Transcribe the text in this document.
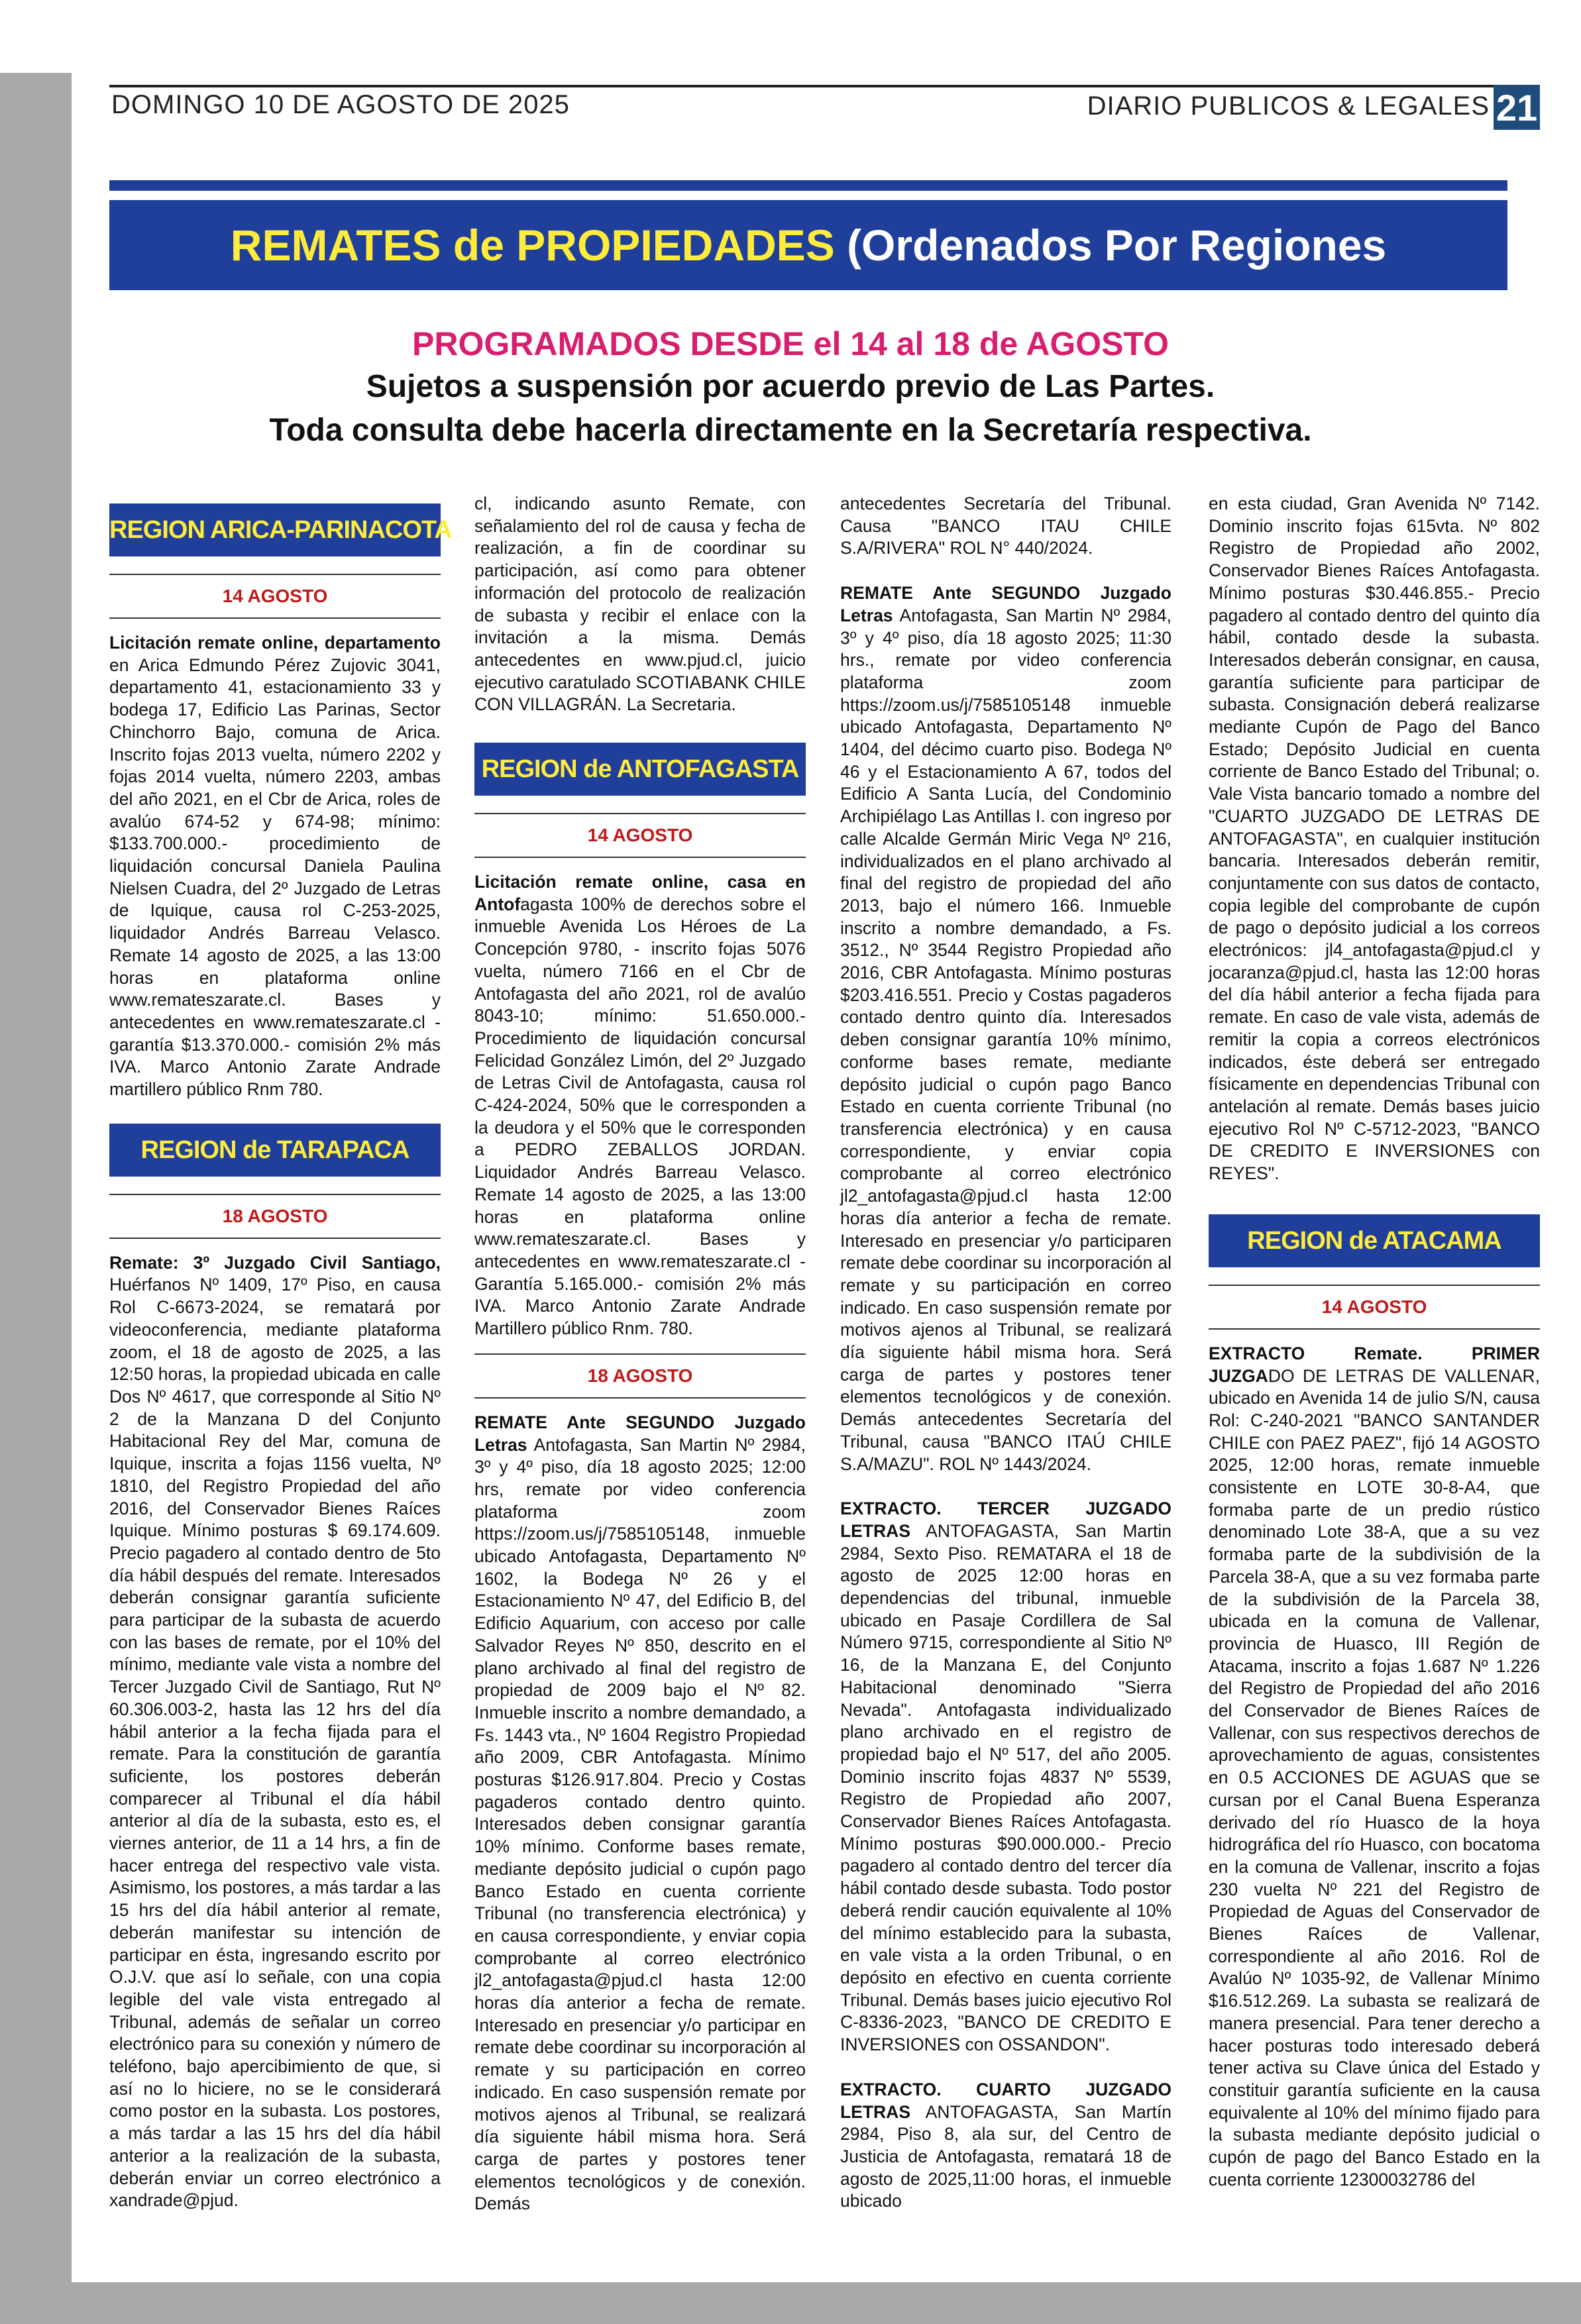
DOMINGO 10 DE AGOSTO DE 2025	DIARIO PUBLICOS & LEGALES 21
REMATES de PROPIEDADES (Ordenados Por Regiones
PROGRAMADOS DESDE el 14 al 18 de AGOSTO
Sujetos a suspensión por acuerdo previo de Las Partes.
Toda consulta debe hacerla directamente en la Secretaría respectiva.
REGION ARICA-PARINACOTA
14 AGOSTO

Licitación remate online, departamento en Arica Edmundo Pérez Zujovic 3041, departamento 41, estacionamiento 33 y bodega 17, Edificio Las Parinas, Sector Chinchorro Bajo, comuna de Arica. Inscrito fojas 2013 vuelta, número 2202 y fojas 2014 vuelta, número 2203, ambas del año 2021, en el Cbr de Arica, roles de avalúo 674-52 y 674-98; mínimo: $133.700.000.- procedimiento de liquidación concursal Daniela Paulina Nielsen Cuadra, del 2º Juzgado de Letras de Iquique, causa rol C-253-2025, liquidador Andrés Barreau Velasco. Remate 14 agosto de 2025, a las 13:00 horas en plataforma online www.remateszarate.cl. Bases y antecedentes en www.remateszarate.cl - garantía $13.370.000.- comisión 2% más IVA. Marco Antonio Zarate Andrade martillero público Rnm 780.

REGION de TARAPACA
18 AGOSTO

Remate: 3º Juzgado Civil Santiago, Huérfanos Nº 1409, 17º Piso, en causa Rol C-6673-2024, se rematará por videoconferencia, mediante plataforma zoom, el 18 de agosto de 2025, a las 12:50 horas, la propiedad ubicada en calle Dos Nº 4617, que corresponde al Sitio Nº 2 de la Manzana D del Conjunto Habitacional Rey del Mar, comuna de Iquique, inscrita a fojas 1156 vuelta, Nº 1810, del Registro Propiedad del año 2016, del Conservador Bienes Raíces Iquique. Mínimo posturas $ 69.174.609. Precio pagadero al contado dentro de 5to día hábil después del remate. Interesados deberán consignar garantía suficiente para participar de la subasta de acuerdo con las bases de remate, por el 10% del mínimo, mediante vale vista a nombre del Tercer Juzgado Civil de Santiago, Rut Nº 60.306.003-2, hasta las 12 hrs del día hábil anterior a la fecha fijada para el remate. Para la constitución de garantía suficiente, los postores deberán comparecer al Tribunal el día hábil anterior al día de la subasta, esto es, el viernes anterior, de 11 a 14 hrs, a fin de hacer entrega del respectivo vale vista. Asimismo, los postores, a más tardar a las 15 hrs del día hábil anterior al remate, deberán manifestar su intención de participar en ésta, ingresando escrito por O.J.V. que así lo señale, con una copia legible del vale vista entregado al Tribunal, además de señalar un correo electrónico para su conexión y número de teléfono, bajo apercibimiento de que, si así no lo hiciere, no se le considerará como postor en la subasta. Los postores, a más tardar a las 15 hrs del día hábil anterior a la realización de la subasta, deberán enviar un correo electrónico a xandrade@pjud.

cl, indicando asunto Remate, con señalamiento del rol de causa y fecha de realización, a fin de coordinar su participación, así como para obtener información del protocolo de realización de subasta y recibir el enlace con la invitación a la misma. Demás antecedentes en www.pjud.cl, juicio ejecutivo caratulado SCOTIABANK CHILE CON VILLAGRÁN. La Secretaria.

REGION de ANTOFAGASTA
14 AGOSTO

Licitación remate online, casa en Antofagasta 100% de derechos sobre el inmueble Avenida Los Héroes de La Concepción 9780, - inscrito fojas 5076 vuelta, número 7166 en el Cbr de Antofagasta del año 2021, rol de avalúo 8043-10; mínimo: 51.650.000.- Procedimiento de liquidación concursal Felicidad González Limón, del 2º Juzgado de Letras Civil de Antofagasta, causa rol C-424-2024, 50% que le corresponden a la deudora y el 50% que le corresponden a PEDRO ZEBALLOS JORDAN. Liquidador Andrés Barreau Velasco. Remate 14 agosto de 2025, a las 13:00 horas en plataforma online www.remateszarate.cl. Bases y antecedentes en www.remateszarate.cl - Garantía 5.165.000.- comisión 2% más IVA. Marco Antonio Zarate Andrade Martillero público Rnm. 780.

18 AGOSTO

REMATE Ante SEGUNDO Juzgado Letras Antofagasta, San Martin Nº 2984, 3º y 4º piso, día 18 agosto 2025; 12:00 hrs, remate por video conferencia plataforma zoom https://zoom.us/j/7585105148, inmueble ubicado Antofagasta, Departamento Nº 1602, la Bodega Nº 26 y el Estacionamiento Nº 47, del Edificio B, del Edificio Aquarium, con acceso por calle Salvador Reyes Nº 850, descrito en el plano archivado al final del registro de propiedad de 2009 bajo el Nº 82. Inmueble inscrito a nombre demandado, a Fs. 1443 vta., Nº 1604 Registro Propiedad año 2009, CBR Antofagasta. Mínimo posturas $126.917.804. Precio y Costas pagaderos contado dentro quinto. Interesados deben consignar garantía 10% mínimo. Conforme bases remate, mediante depósito judicial o cupón pago Banco Estado en cuenta corriente Tribunal (no transferencia electrónica) y en causa correspondiente, y enviar copia comprobante al correo electrónico jl2_antofagasta@pjud.cl hasta 12:00 horas día anterior a fecha de remate. Interesado en presenciar y/o participar en remate debe coordinar su incorporación al remate y su participación en correo indicado. En caso suspensión remate por motivos ajenos al Tribunal, se realizará día siguiente hábil misma hora. Será carga de partes y postores tener elementos tecnológicos y de conexión. Demás

antecedentes Secretaría del Tribunal. Causa "BANCO ITAU CHILE S.A/RIVERA" ROL N° 440/2024.

REMATE Ante SEGUNDO Juzgado Letras Antofagasta, San Martin Nº 2984, 3º y 4º piso, día 18 agosto 2025; 11:30 hrs., remate por video conferencia plataforma zoom https://zoom.us/j/7585105148 inmueble ubicado Antofagasta, Departamento Nº 1404, del décimo cuarto piso. Bodega Nº 46 y el Estacionamiento A 67, todos del Edificio A Santa Lucía, del Condominio Archipiélago Las Antillas I. con ingreso por calle Alcalde Germán Miric Vega Nº 216, individualizados en el plano archivado al final del registro de propiedad del año 2013, bajo el número 166. Inmueble inscrito a nombre demandado, a Fs. 3512., Nº 3544 Registro Propiedad año 2016, CBR Antofagasta. Mínimo posturas $203.416.551. Precio y Costas pagaderos contado dentro quinto día. Interesados deben consignar garantía 10% mínimo, conforme bases remate, mediante depósito judicial o cupón pago Banco Estado en cuenta corriente Tribunal (no transferencia electrónica) y en causa correspondiente, y enviar copia comprobante al correo electrónico jl2_antofagasta@pjud.cl hasta 12:00 horas día anterior a fecha de remate. Interesado en presenciar y/o participaren remate debe coordinar su incorporación al remate y su participación en correo indicado. En caso suspensión remate por motivos ajenos al Tribunal, se realizará día siguiente hábil misma hora. Será carga de partes y postores tener elementos tecnológicos y de conexión. Demás antecedentes Secretaría del Tribunal, causa "BANCO ITAÚ CHILE S.A/MAZU". ROL Nº 1443/2024.

EXTRACTO. TERCER JUZGADO LETRAS ANTOFAGASTA, San Martin 2984, Sexto Piso. REMATARA el 18 de agosto de 2025 12:00 horas en dependencias del tribunal, inmueble ubicado en Pasaje Cordillera de Sal Número 9715, correspondiente al Sitio Nº 16, de la Manzana E, del Conjunto Habitacional denominado "Sierra Nevada". Antofagasta individualizado plano archivado en el registro de propiedad bajo el Nº 517, del año 2005. Dominio inscrito fojas 4837 Nº 5539, Registro de Propiedad año 2007, Conservador Bienes Raíces Antofagasta. Mínimo posturas $90.000.000.- Precio pagadero al contado dentro del tercer día hábil contado desde subasta. Todo postor deberá rendir caución equivalente al 10% del mínimo establecido para la subasta, en vale vista a la orden Tribunal, o en depósito en efectivo en cuenta corriente Tribunal. Demás bases juicio ejecutivo Rol C-8336-2023, "BANCO DE CREDITO E INVERSIONES con OSSANDON".

EXTRACTO. CUARTO JUZGADO LETRAS ANTOFAGASTA, San Martín 2984, Piso 8, ala sur, del Centro de Justicia de Antofagasta, rematará 18 de agosto de 2025,11:00 horas, el inmueble ubicado

en esta ciudad, Gran Avenida Nº 7142. Dominio inscrito fojas 615vta. Nº 802 Registro de Propiedad año 2002, Conservador Bienes Raíces Antofagasta. Mínimo posturas $30.446.855.- Precio pagadero al contado dentro del quinto día hábil, contado desde la subasta. Interesados deberán consignar, en causa, garantía suficiente para participar de subasta. Consignación deberá realizarse mediante Cupón de Pago del Banco Estado; Depósito Judicial en cuenta corriente de Banco Estado del Tribunal; o. Vale Vista bancario tomado a nombre del "CUARTO JUZGADO DE LETRAS DE ANTOFAGASTA", en cualquier institución bancaria. Interesados deberán remitir, conjuntamente con sus datos de contacto, copia legible del comprobante de cupón de pago o depósito judicial a los correos electrónicos: jl4_antofagasta@pjud.cl y jocaranza@pjud.cl, hasta las 12:00 horas del día hábil anterior a fecha fijada para remate. En caso de vale vista, además de remitir la copia a correos electrónicos indicados, éste deberá ser entregado físicamente en dependencias Tribunal con antelación al remate. Demás bases juicio ejecutivo Rol Nº C-5712-2023, "BANCO DE CREDITO E INVERSIONES con REYES".

REGION de ATACAMA
14 AGOSTO

EXTRACTO Remate. PRIMER JUZGADO DE LETRAS DE VALLENAR, ubicado en Avenida 14 de julio S/N, causa Rol: C-240-2021 "BANCO SANTANDER CHILE con PAEZ PAEZ", fijó 14 AGOSTO 2025, 12:00 horas, remate inmueble consistente en LOTE 30-8-A4, que formaba parte de un predio rústico denominado Lote 38-A, que a su vez formaba parte de la subdivisión de la Parcela 38-A, que a su vez formaba parte de la subdivisión de la Parcela 38, ubicada en la comuna de Vallenar, provincia de Huasco, III Región de Atacama, inscrito a fojas 1.687 Nº 1.226 del Registro de Propiedad del año 2016 del Conservador de Bienes Raíces de Vallenar, con sus respectivos derechos de aprovechamiento de aguas, consistentes en 0.5 ACCIONES DE AGUAS que se cursan por el Canal Buena Esperanza derivado del río Huasco de la hoya hidrográfica del río Huasco, con bocatoma en la comuna de Vallenar, inscrito a fojas 230 vuelta Nº 221 del Registro de Propiedad de Aguas del Conservador de Bienes Raíces de Vallenar, correspondiente al año 2016. Rol de Avalúo Nº 1035-92, de Vallenar Mínimo $16.512.269. La subasta se realizará de manera presencial. Para tener derecho a hacer posturas todo interesado deberá tener activa su Clave única del Estado y constituir garantía suficiente en la causa equivalente al 10% del mínimo fijado para la subasta mediante depósito judicial o cupón de pago del Banco Estado en la cuenta corriente 12300032786 del
